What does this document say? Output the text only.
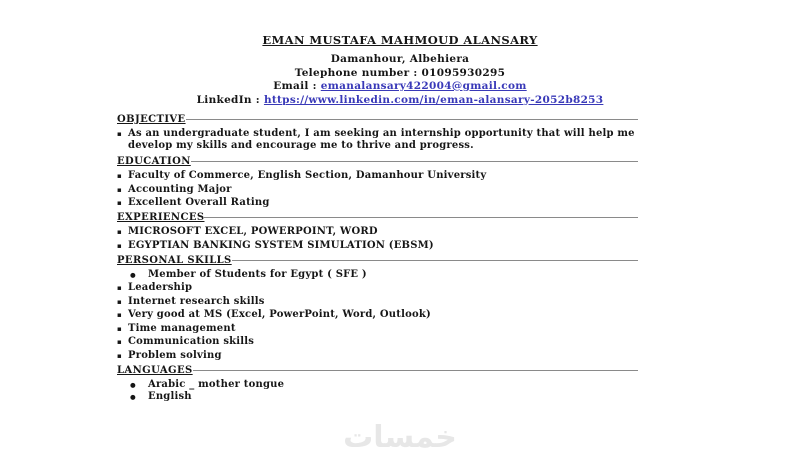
EMAN MUSTAFA MAHMOUD ALANSARY
Damanhour, Albehiera
Telephone number : 01095930295
Email : emanalansary422004@gmail.com
LinkedIn : https://www.linkedin.com/in/eman-alansary-2052b8253
OBJECTIVE
▪ As an undergraduate student, I am seeking an internship opportunity that will help me develop my skills and encourage me to thrive and progress.
EDUCATION
▪ Faculty of Commerce, English Section, Damanhour University
▪ Accounting Major
▪ Excellent Overall Rating
EXPERIENCES
▪ MICROSOFT EXCEL, POWERPOINT, WORD
▪ EGYPTIAN BANKING SYSTEM SIMULATION (EBSM)
PERSONAL SKILLS
●	Member of Students for Egypt ( SFE )
▪ Leadership
▪ Internet research skills
▪ Very good at MS (Excel, PowerPoint, Word, Outlook)
▪ Time management
▪ Communication skills
▪ Problem solving
LANGUAGES
●	Arabic _ mother tongue
●	English
خمسات
